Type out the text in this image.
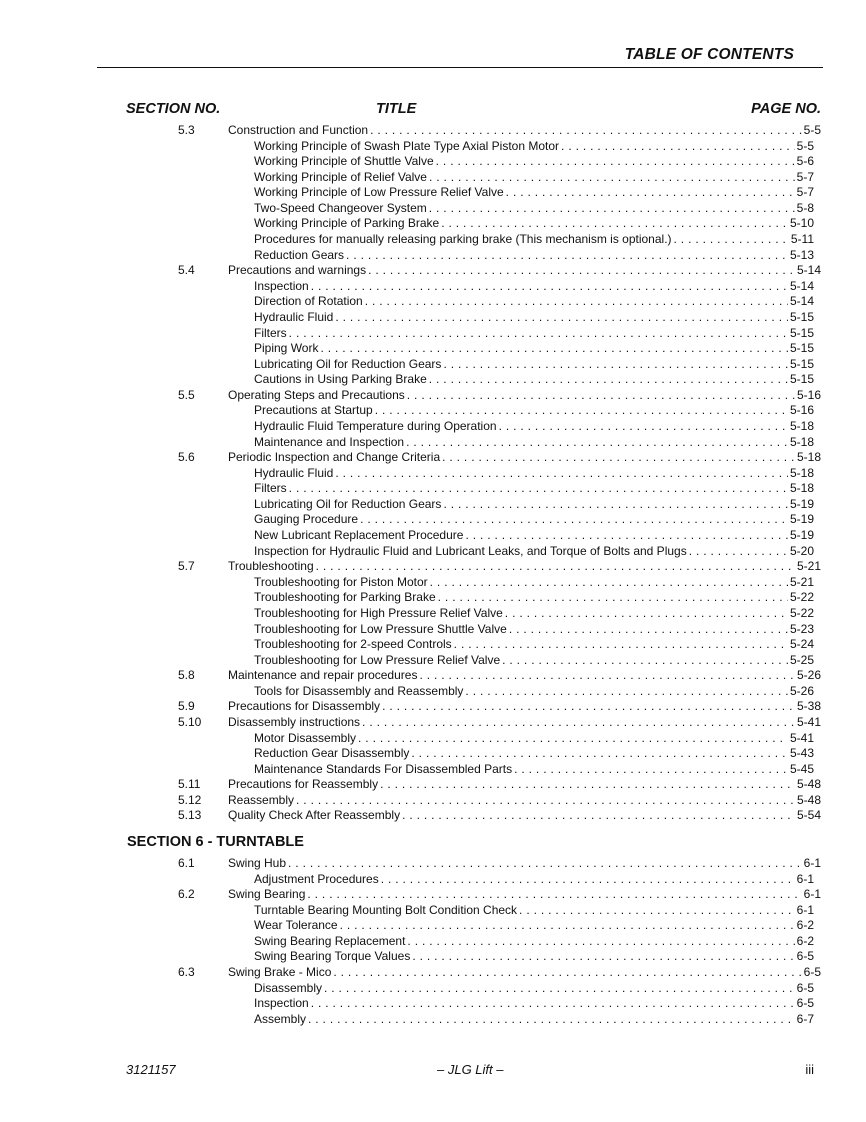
TABLE OF CONTENTS
SECTION NO.	TITLE	PAGE NO.
5.3	Construction and Function . . .	5-5
Working Principle of Swash Plate Type Axial Piston Motor . . .	5-5
Working Principle of Shuttle Valve . . .	5-6
Working Principle of Relief Valve . . .	5-7
Working Principle of Low Pressure Relief Valve . . .	5-7
Two-Speed Changeover System . . .	5-8
Working Principle of Parking Brake . . .	5-10
Procedures for manually releasing parking brake (This mechanism is optional.) . . .	5-11
Reduction Gears . . .	5-13
5.4	Precautions and warnings . . .	5-14
Inspection . . .	5-14
Direction of Rotation . . .	5-14
Hydraulic Fluid . . .	5-15
Filters . . .	5-15
Piping Work . . .	5-15
Lubricating Oil for Reduction Gears . . .	5-15
Cautions in Using Parking Brake . . .	5-15
5.5	Operating Steps and Precautions . . .	5-16
Precautions at Startup . . .	5-16
Hydraulic Fluid Temperature during Operation . . .	5-18
Maintenance and Inspection . . .	5-18
5.6	Periodic Inspection and Change Criteria . . .	5-18
Hydraulic Fluid . . .	5-18
Filters . . .	5-18
Lubricating Oil for Reduction Gears . . .	5-19
Gauging Procedure . . .	5-19
New Lubricant Replacement Procedure . . .	5-19
Inspection for Hydraulic Fluid and Lubricant Leaks, and Torque of Bolts and Plugs . . .	5-20
5.7	Troubleshooting . . .	5-21
Troubleshooting for Piston Motor . . .	5-21
Troubleshooting for Parking Brake . . .	5-22
Troubleshooting for High Pressure Relief Valve . . .	5-22
Troubleshooting for Low Pressure Shuttle Valve . . .	5-23
Troubleshooting for 2-speed Controls . . .	5-24
Troubleshooting for Low Pressure Relief Valve . . .	5-25
5.8	Maintenance and repair procedures . . .	5-26
Tools for Disassembly and Reassembly . . .	5-26
5.9	Precautions for Disassembly . . .	5-38
5.10 Disassembly instructions . . .	5-41
Motor Disassembly . . .	5-41
Reduction Gear Disassembly . . .	5-43
Maintenance Standards For Disassembled Parts . . .	5-45
5.11 Precautions for Reassembly . . .	5-48
5.12 Reassembly . . .	5-48
5.13 Quality Check After Reassembly . . .	5-54
SECTION 6 - TURNTABLE
6.1	Swing Hub . . .	6-1
Adjustment Procedures . . .	6-1
6.2	Swing Bearing . . .	6-1
Turntable Bearing Mounting Bolt Condition Check . . .	6-1
Wear Tolerance . . .	6-2
Swing Bearing Replacement . . .	6-2
Swing Bearing Torque Values . . .	6-5
6.3	Swing Brake - Mico . . .	6-5
Disassembly . . .	6-5
Inspection . . .	6-5
Assembly . . .	6-7
3121157	– JLG Lift –	iii
